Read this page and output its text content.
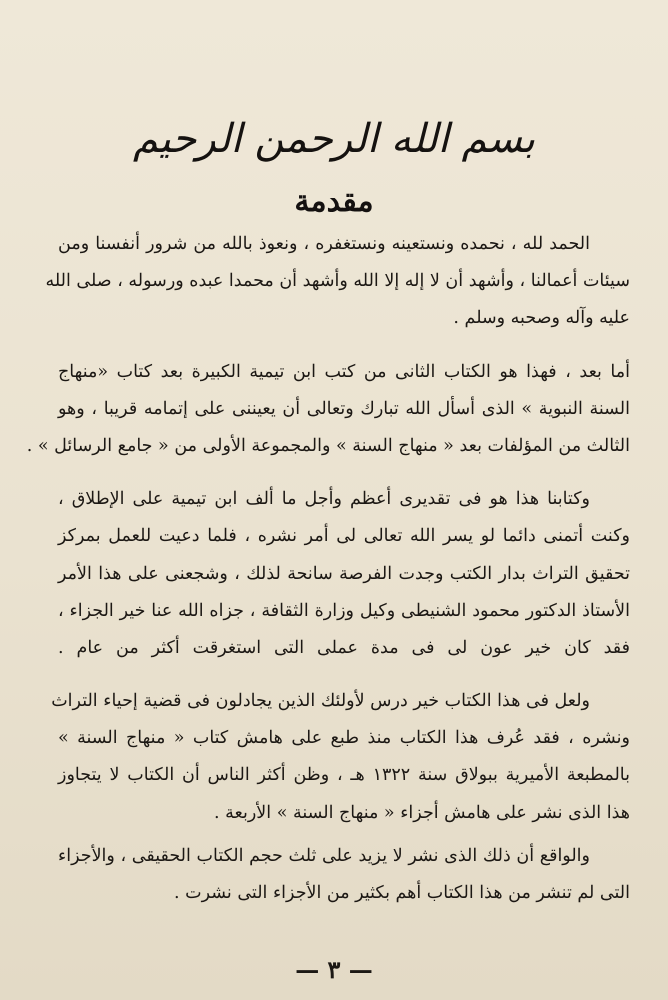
بسم الله الرحمن الرحيم
مقدمة
الحمد لله ، نحمده ونستعينه ونستغفره ، ونعوذ بالله من شرور أنفسنا ومن
سيئات أعمالنا ، وأشهد أن لا إله إلا الله وأشهد أن محمدا عبده ورسوله ، صلى الله
عليه وآله وصحبه وسلم .
أما بعد ، فهذا هو الكتاب الثانى من كتب ابن تيمية الكبيرة بعد كتاب «منهاج
السنة النبوية » الذى أسأل الله تبارك وتعالى أن يعيننى على إتمامه قريبا ، وهو
الثالث من المؤلفات بعد « منهاج السنة » والمجموعة الأولى من « جامع الرسائل » .
وكتابنا هذا هو فى تقديرى أعظم وأجل ما ألف ابن تيمية على الإطلاق ،
وكنت أتمنى دائما لو يسر الله تعالى لى أمر نشره ، فلما دعيت للعمل بمركز
تحقيق التراث بدار الكتب وجدت الفرصة سانحة لذلك ، وشجعنى على هذا الأمر
الأستاذ الدكتور محمود الشنيطى وكيل وزارة الثقافة ، جزاه الله عنا خير الجزاء ،
فقد كان خير عون لى فى مدة عملى التى استغرقت أكثر من عام .
ولعل فى هذا الكتاب خير درس لأولئك الذين يجادلون فى قضية إحياء التراث
ونشره ، فقد عُرف هذا الكتاب منذ طبع على هامش كتاب « منهاج السنة »
بالمطبعة الأميرية ببولاق سنة ١٣٢٢ هـ ، وظن أكثر الناس أن الكتاب لا يتجاوز
هذا الذى نشر على هامش أجزاء « منهاج السنة » الأربعة .
والواقع أن ذلك الذى نشر لا يزيد على ثلث حجم الكتاب الحقيقى ، والأجزاء
التى لم تنشر من هذا الكتاب أهم بكثير من الأجزاء التى نشرت .
— ٣ —
